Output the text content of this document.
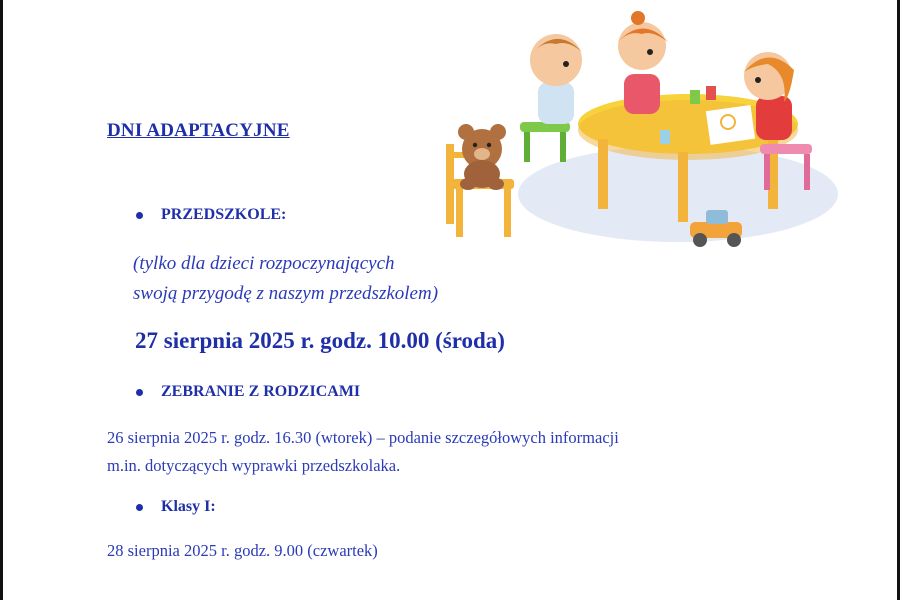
DNI ADAPTACYJNE
PRZEDSZKOLE:
(tylko dla dzieci rozpoczynających
swoją przygodę z naszym przedszkolem)
27 sierpnia 2025 r. godz. 10.00 (środa)
ZEBRANIE Z RODZICAMI
26 sierpnia 2025 r. godz. 16.30 (wtorek) – podanie szczegółowych informacji
m.in. dotyczących wyprawki przedszkolaka.
Klasy I:
28 sierpnia 2025 r. godz. 9.00 (czwartek)
